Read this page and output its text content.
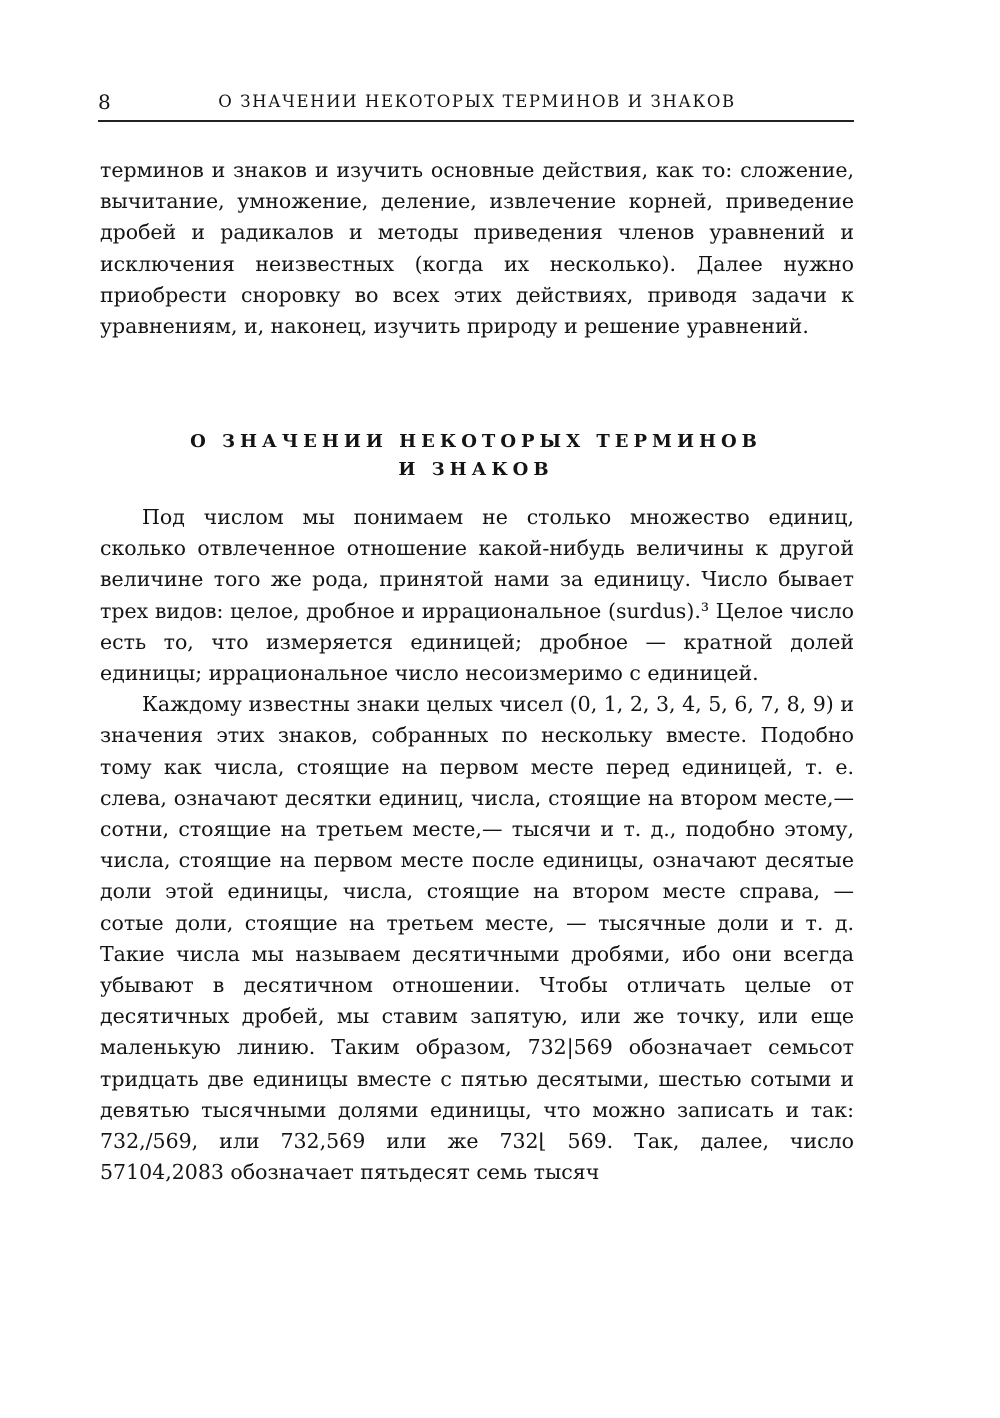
8	О ЗНАЧЕНИИ НЕКОТОРЫХ ТЕРМИНОВ И ЗНАКОВ

терминов и знаков и изучить основные действия, как то: сложение, вычитание, умножение, деление, извлечение корней, приведение дробей и радикалов и методы приведения членов уравнений и исключения неизвестных (когда их несколько). Далее нужно приобрести сноровку во всех этих действиях, приводя задачи к уравнениям, и, наконец, изучить природу и решение уравнений.

О ЗНАЧЕНИИ НЕКОТОРЫХ ТЕРМИНОВ
И ЗНАКОВ

Под числом мы понимаем не столько множество единиц, сколько отвлеченное отношение какой-нибудь величины к другой величине того же рода, принятой нами за единицу. Число бывает трех видов: целое, дробное и иррациональное (surdus).³ Целое число есть то, что измеряется единицей; дробное — кратной долей единицы; иррациональное число несоизмеримо с единицей.

Каждому известны знаки целых чисел (0, 1, 2, 3, 4, 5, 6, 7, 8, 9) и значения этих знаков, собранных по нескольку вместе. Подобно тому как числа, стоящие на первом месте перед единицей, т. е. слева, означают десятки единиц, числа, стоящие на втором месте,— сотни, стоящие на третьем месте,— тысячи и т. д., подобно этому, числа, стоящие на первом месте после единицы, означают десятые доли этой единицы, числа, стоящие на втором месте справа, — сотые доли, стоящие на третьем месте, — тысячные доли и т. д. Такие числа мы называем десятичными дробями, ибо они всегда убывают в десятичном отношении. Чтобы отличать целые от десятичных дробей, мы ставим запятую, или же точку, или еще маленькую линию. Таким образом, 732|569 обозначает семьсот тридцать две единицы вместе с пятью десятыми, шестью сотыми и девятью тысячными долями единицы, что можно записать и так: 732,/569, или 732,569 или же 732⌊ 569. Так, далее, число 57104,2083 обозначает пятьдесят семь тысяч
